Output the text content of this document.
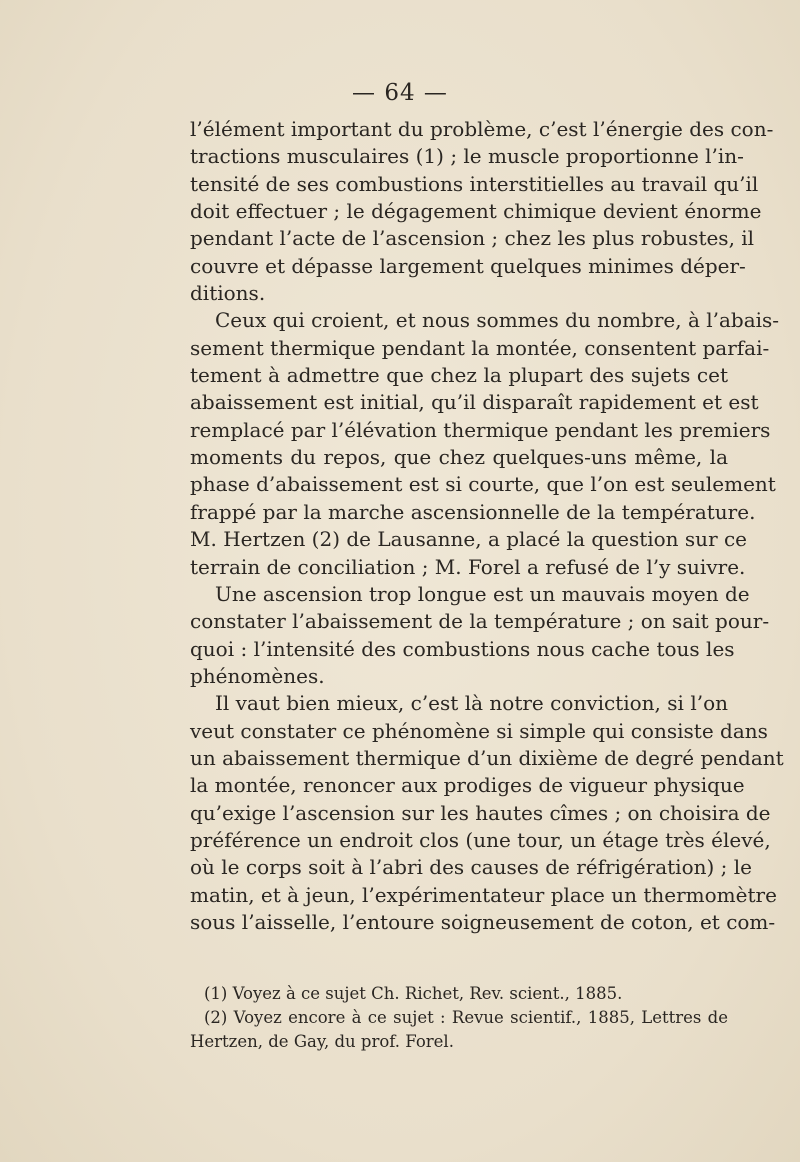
— 64 —
l’élément important du problème, c’est l’énergie des con-
tractions musculaires (1) ; le muscle proportionne l’in-
tensité de ses combustions interstitielles au travail qu’il
doit effectuer ; le dégagement chimique devient énorme
pendant l’acte de l’ascension ; chez les plus robustes, il
couvre et dépasse largement quelques minimes déper-
ditions.
Ceux qui croient, et nous sommes du nombre, à l’abais-
sement thermique pendant la montée, consentent parfai-
tement à admettre que chez la plupart des sujets cet
abaissement est initial, qu’il disparaît rapidement et est
remplacé par l’élévation thermique pendant les premiers
moments du repos, que chez quelques-uns même, la
phase d’abaissement est si courte, que l’on est seulement
frappé par la marche ascensionnelle de la température.
M. Hertzen (2) de Lausanne, a placé la question sur ce
terrain de conciliation ; M. Forel a refusé de l’y suivre.
Une ascension trop longue est un mauvais moyen de
constater l’abaissement de la température ; on sait pour-
quoi : l’intensité des combustions nous cache tous les
phénomènes.
Il vaut bien mieux, c’est là notre conviction, si l’on
veut constater ce phénomène si simple qui consiste dans
un abaissement thermique d’un dixième de degré pendant
la montée, renoncer aux prodiges de vigueur physique
qu’exige l’ascension sur les hautes cîmes ; on choisira de
préférence un endroit clos (une tour, un étage très élevé,
où le corps soit à l’abri des causes de réfrigération) ; le
matin, et à jeun, l’expérimentateur place un thermomètre
sous l’aisselle, l’entoure soigneusement de coton, et com-
(1) Voyez à ce sujet Ch. Richet, Rev. scient., 1885.
(2) Voyez encore à ce sujet : Revue scientif., 1885, Lettres de
Hertzen, de Gay, du prof. Forel.
